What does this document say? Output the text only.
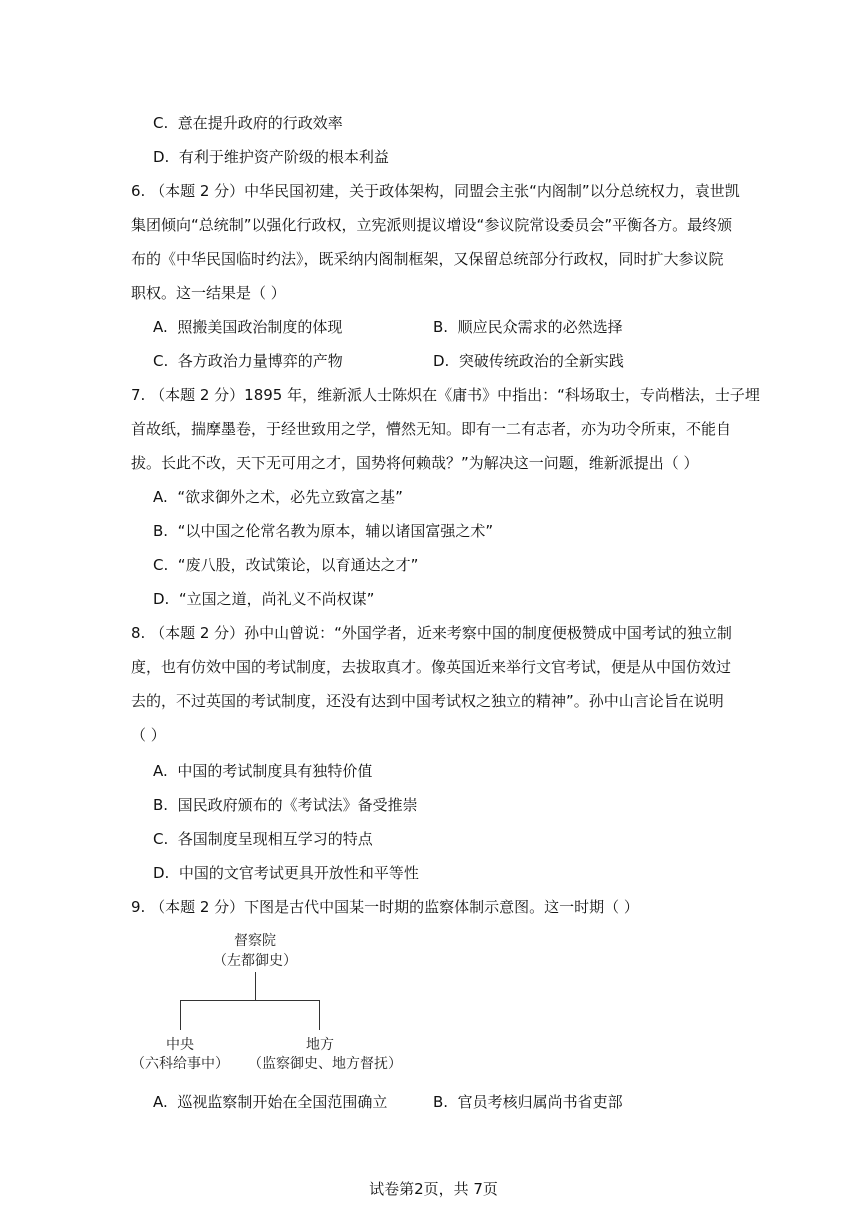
C. 意在提升政府的行政效率
D. 有利于维护资产阶级的根本利益
6. （本题 2 分）中华民国初建，关于政体架构，同盟会主张“内阁制”以分总统权力，袁世凯
集团倾向“总统制”以强化行政权，立宪派则提议增设“参议院常设委员会”平衡各方。最终颁
布的《中华民国临时约法》，既采纳内阁制框架，又保留总统部分行政权，同时扩大参议院
职权。这一结果是（ ）
A. 照搬美国政治制度的体现	B. 顺应民众需求的必然选择
C. 各方政治力量博弈的产物	D. 突破传统政治的全新实践
7. （本题 2 分）1895 年，维新派人士陈炽在《庸书》中指出：“科场取士，专尚楷法，士子埋
首故纸，揣摩墨卷，于经世致用之学，懵然无知。即有一二有志者，亦为功令所束，不能自
拔。长此不改，天下无可用之才，国势将何赖哉？”为解决这一问题，维新派提出（ ）
A. “欲求御外之术，必先立致富之基”
B. “以中国之伦常名教为原本，辅以诸国富强之术”
C. “废八股，改试策论，以育通达之才”
D. “立国之道，尚礼义不尚权谋”
8. （本题 2 分）孙中山曾说：“外国学者，近来考察中国的制度便极赞成中国考试的独立制
度，也有仿效中国的考试制度，去拔取真才。像英国近来举行文官考试，便是从中国仿效过
去的，不过英国的考试制度，还没有达到中国考试权之独立的精神”。孙中山言论旨在说明
（ ）
A. 中国的考试制度具有独特价值
B. 国民政府颁布的《考试法》备受推崇
C. 各国制度呈现相互学习的特点
D. 中国的文官考试更具开放性和平等性
9. （本题 2 分）下图是古代中国某一时期的监察体制示意图。这一时期（ ）
督察院
（左都御史）
中央
（六科给事中）
地方
（监察御史、地方督抚）
A. 巡视监察制开始在全国范围确立	B. 官员考核归属尚书省吏部
试卷第2页，共 7页
